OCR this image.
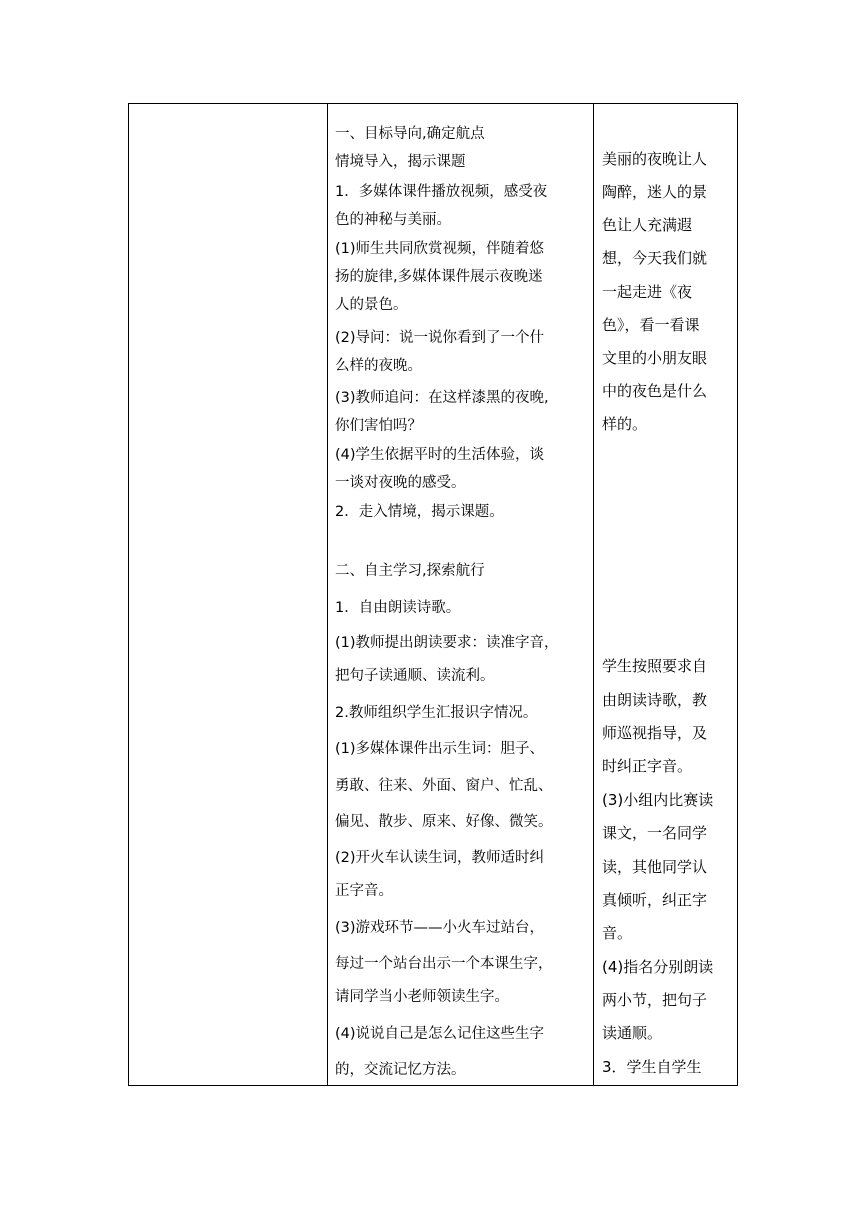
一、目标导向,确定航点
情境导入，揭示课题
1．多媒体课件播放视频，感受夜
色的神秘与美丽。
(1)师生共同欣赏视频，伴随着悠
扬的旋律,多媒体课件展示夜晚迷
人的景色。
(2)导问：说一说你看到了一个什
么样的夜晚。
(3)教师追问：在这样漆黑的夜晚,
你们害怕吗？
(4)学生依据平时的生活体验，谈
一谈对夜晚的感受。
2．走入情境，揭示课题。
二、自主学习,探索航行
1．自由朗读诗歌。
(1)教师提出朗读要求：读准字音，
把句子读通顺、读流利。
2.教师组织学生汇报识字情况。
(1)多媒体课件出示生词：胆子、
勇敢、往来、外面、窗户、忙乱、
偏见、散步、原来、好像、微笑。
(2)开火车认读生词，教师适时纠
正字音。
(3)游戏环节——小火车过站台，
每过一个站台出示一个本课生字，
请同学当小老师领读生字。
(4)说说自己是怎么记住这些生字
的，交流记忆方法。
美丽的夜晚让人
陶醉，迷人的景
色让人充满遐
想，今天我们就
一起走进《夜
色》，看一看课
文里的小朋友眼
中的夜色是什么
样的。
学生按照要求自
由朗读诗歌，教
师巡视指导，及
时纠正字音。
(3)小组内比赛读
课文，一名同学
读，其他同学认
真倾听，纠正字
音。
(4)指名分别朗读
两小节，把句子
读通顺。
3．学生自学生
